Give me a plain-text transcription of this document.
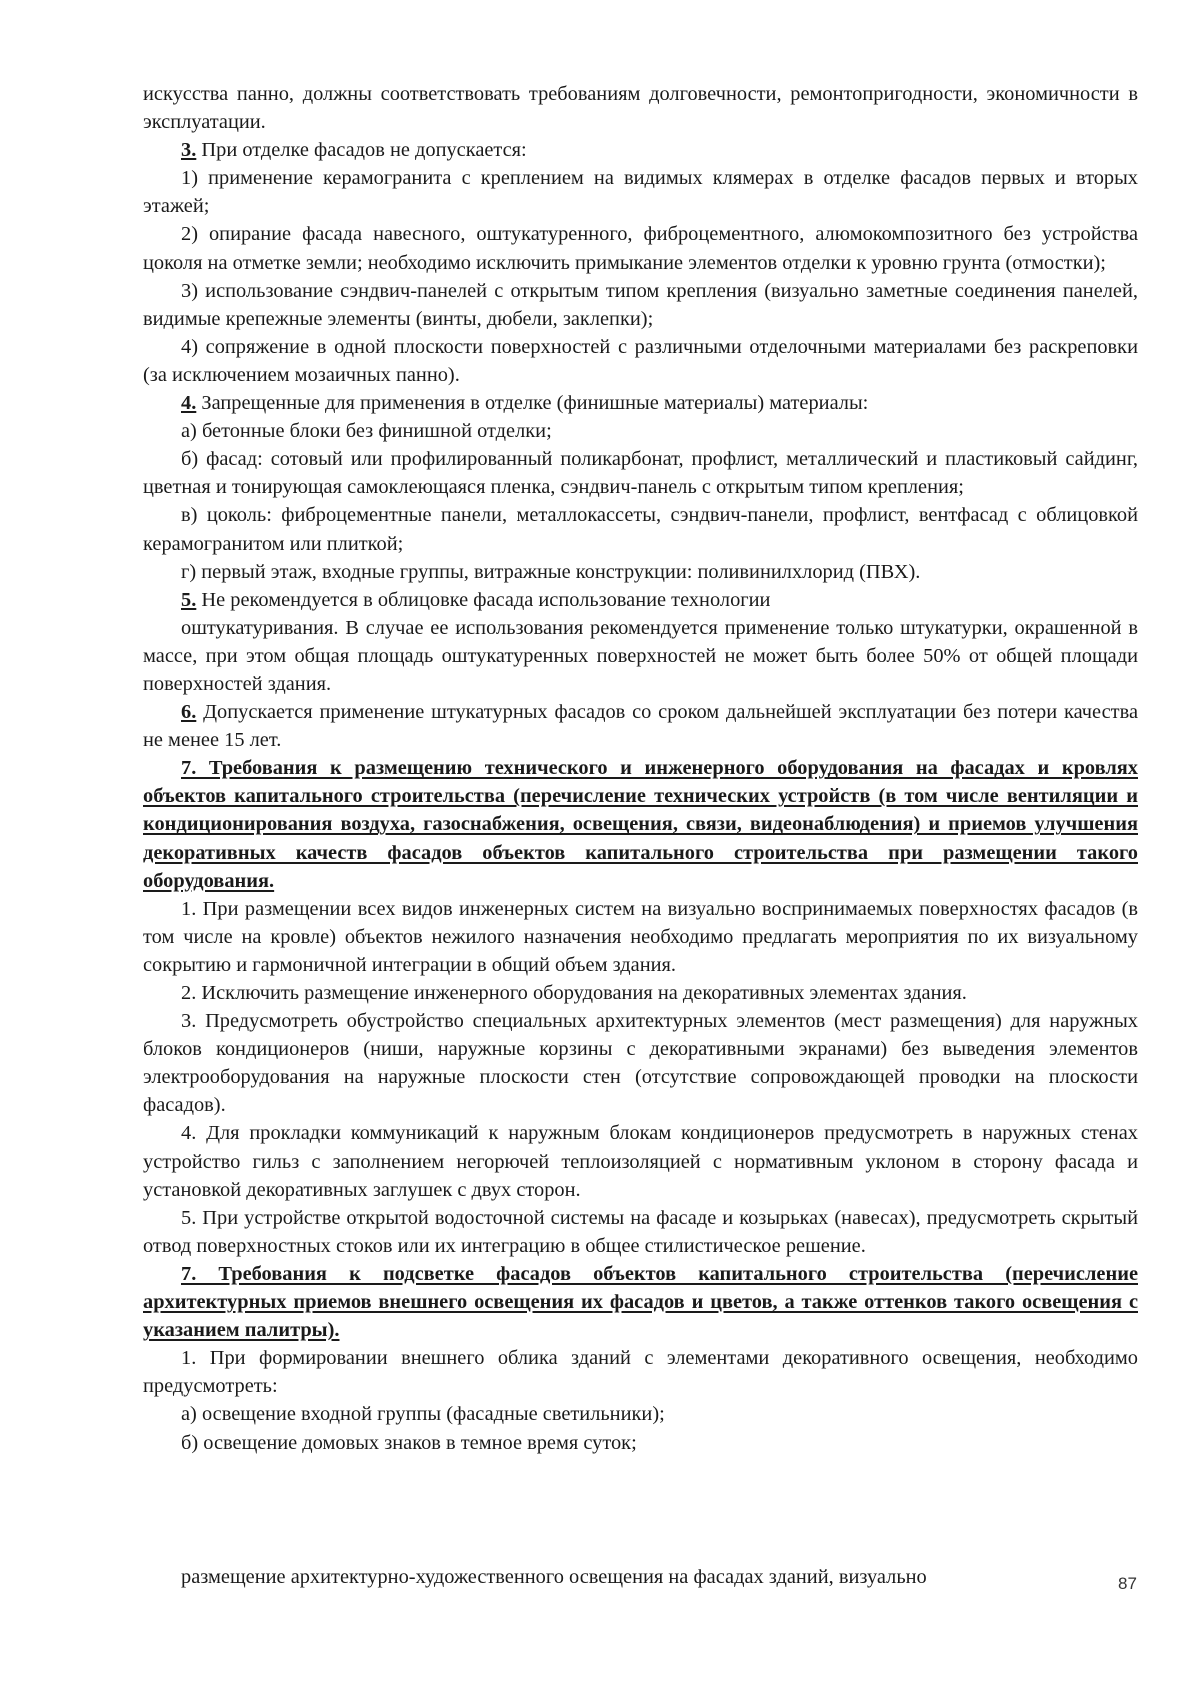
искусства панно, должны соответствовать требованиям долговечности, ремонтопригодности, экономичности в эксплуатации.

3. При отделке фасадов не допускается:

1) применение керамогранита с креплением на видимых клямерах в отделке фасадов первых и вторых этажей;

2) опирание фасада навесного, оштукатуренного, фиброцементного, алюмокомпозитного без устройства цоколя на отметке земли; необходимо исключить примыкание элементов отделки к уровню грунта (отмостки);

3) использование сэндвич-панелей с открытым типом крепления (визуально заметные соединения панелей, видимые крепежные элементы (винты, дюбели, заклепки);

4) сопряжение в одной плоскости поверхностей с различными отделочными материалами без раскреповки (за исключением мозаичных панно).

4. Запрещенные для применения в отделке (финишные материалы) материалы:

а) бетонные блоки без финишной отделки;

б) фасад: сотовый или профилированный поликарбонат, профлист, металлический и пластиковый сайдинг, цветная и тонирующая самоклеющаяся пленка, сэндвич-панель с открытым типом крепления;

в) цоколь: фиброцементные панели, металлокассеты, сэндвич-панели, профлист, вентфасад с облицовкой керамогранитом или плиткой;

г) первый этаж, входные группы, витражные конструкции: поливинилхлорид (ПВХ).

5. Не рекомендуется в облицовке фасада использование технологии

оштукатуривания. В случае ее использования рекомендуется применение только штукатурки, окрашенной в массе, при этом общая площадь оштукатуренных поверхностей не может быть более 50% от общей площади поверхностей здания.

6. Допускается применение штукатурных фасадов со сроком дальнейшей эксплуатации без потери качества не менее 15 лет.

7. Требования к размещению технического и инженерного оборудования на фасадах и кровлях объектов капитального строительства (перечисление технических устройств (в том числе вентиляции и кондиционирования воздуха, газоснабжения, освещения, связи, видеонаблюдения) и приемов улучшения декоративных качеств фасадов объектов капитального строительства при размещении такого оборудования.

1. При размещении всех видов инженерных систем на визуально воспринимаемых поверхностях фасадов (в том числе на кровле) объектов нежилого назначения необходимо предлагать мероприятия по их визуальному сокрытию и гармоничной интеграции в общий объем здания.

2. Исключить размещение инженерного оборудования на декоративных элементах здания.

3. Предусмотреть обустройство специальных архитектурных элементов (мест размещения) для наружных блоков кондиционеров (ниши, наружные корзины с декоративными экранами) без выведения элементов электрооборудования на наружные плоскости стен (отсутствие сопровождающей проводки на плоскости фасадов).

4. Для прокладки коммуникаций к наружным блокам кондиционеров предусмотреть в наружных стенах устройство гильз с заполнением негорючей теплоизоляцией с нормативным уклоном в сторону фасада и установкой декоративных заглушек с двух сторон.

5. При устройстве открытой водосточной системы на фасаде и козырьках (навесах), предусмотреть скрытый отвод поверхностных стоков или их интеграцию в общее стилистическое решение.

7. Требования к подсветке фасадов объектов капитального строительства (перечисление архитектурных приемов внешнего освещения их фасадов и цветов, а также оттенков такого освещения с указанием палитры).

1. При формировании внешнего облика зданий с элементами декоративного освещения, необходимо предусмотреть:

а) освещение входной группы (фасадные светильники);

б) освещение домовых знаков в темное время суток;

размещение архитектурно-художественного освещения на фасадах зданий, визуально	87
